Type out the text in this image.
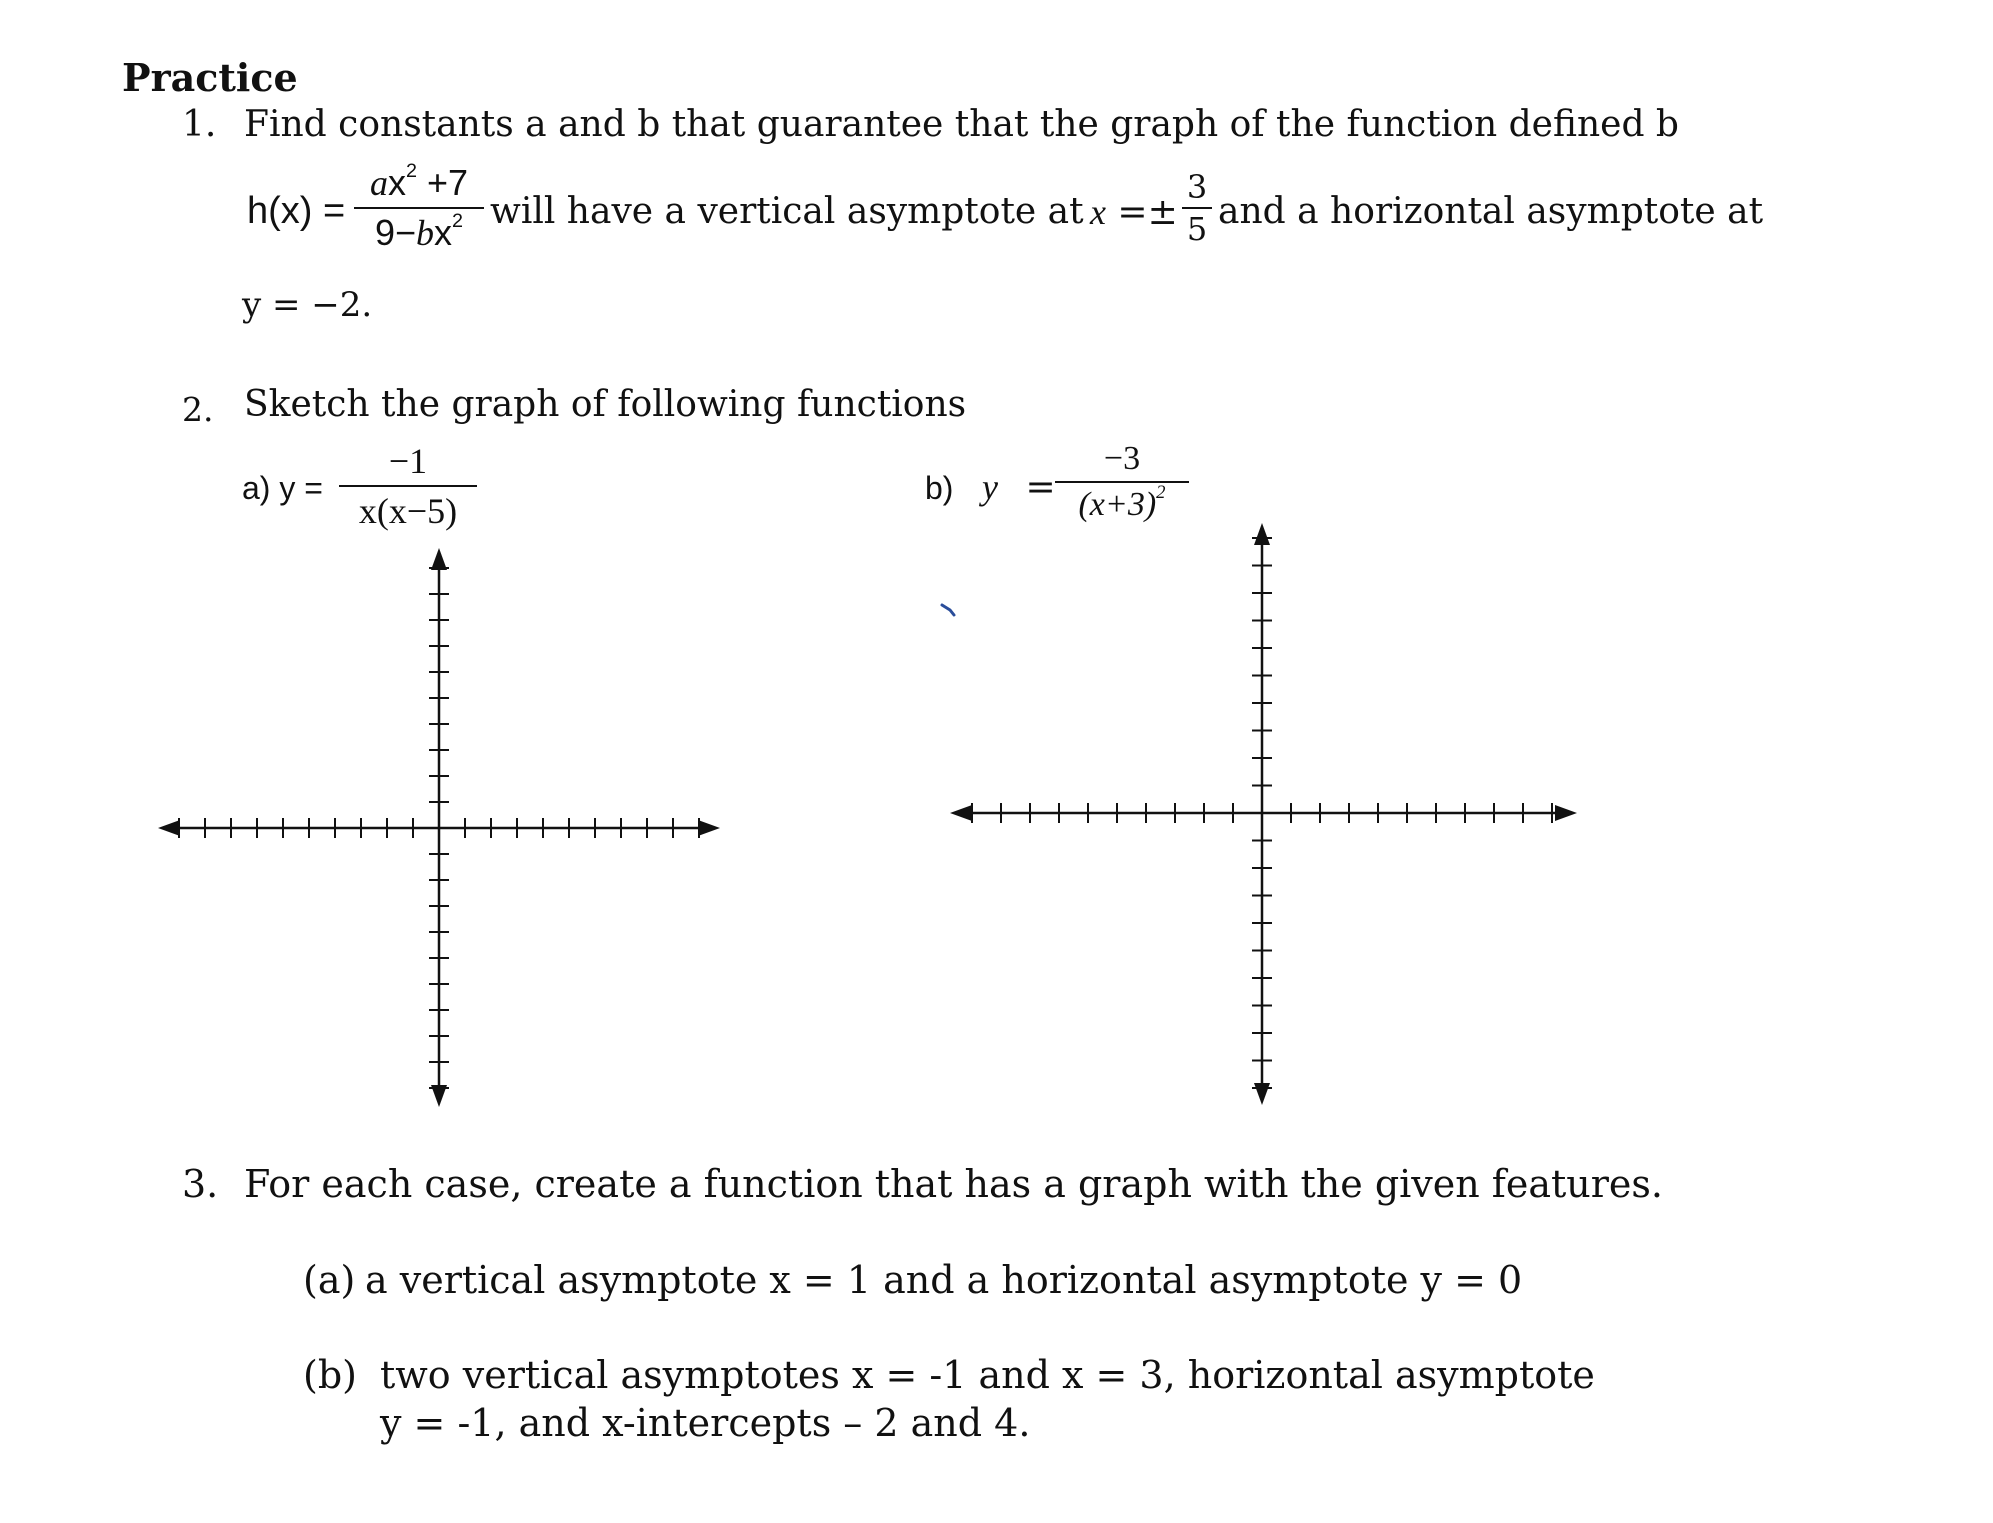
Practice
1. Find constants a and b that guarantee that the graph of the function defined b
h(x) =
$ax^2 +7$
$9-bx^2$ will have a vertical asymptote at x =±
3
5 and a horizontal asymptote at
y = −2.
2. Sketch the graph of following functions
a) y =
−1
x(x−5)
b) y =
−3
$(x+3)^2$
3. For each case, create a function that has a graph with the given features.
(a) a vertical asymptote x = 1 and a horizontal asymptote y = 0
(b) two vertical asymptotes x = -1 and x = 3, horizontal asymptote
y = -1, and x-intercepts – 2 and 4.
